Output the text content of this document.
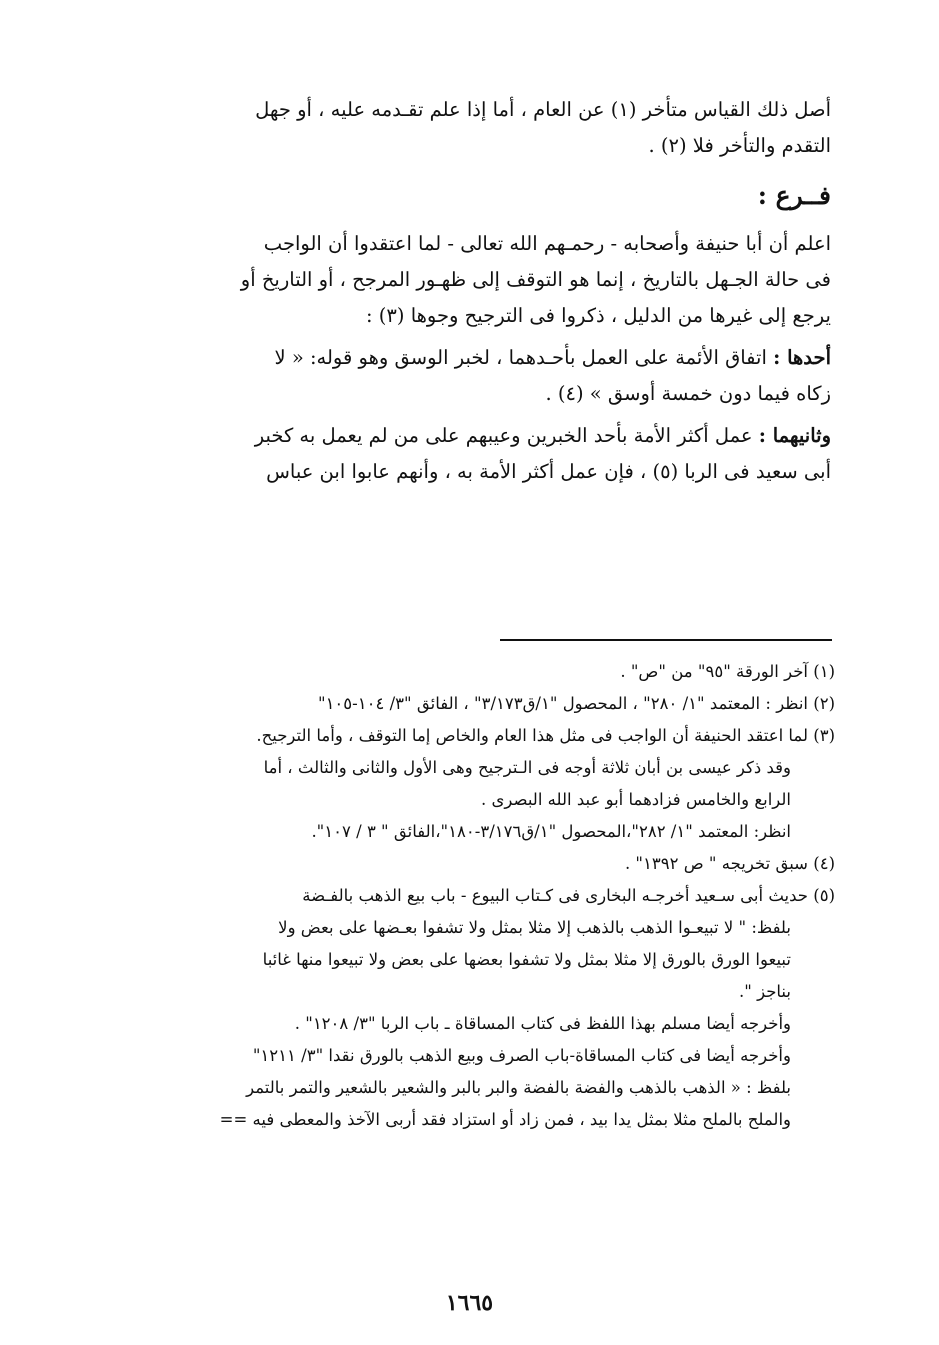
أصل ذلك القياس متأخر (١) عن العام ، أما إذا علم تقـدمه عليه ، أو جهل
التقدم والتأخر فلا (٢) .

فــرع :

اعلم أن أبا حنيفة وأصحابه - رحمـهم الله تعالى - لما اعتقدوا أن الواجب
فى حالة الجـهل بالتاريخ ، إنما هو التوقف إلى ظهـور المرجح ، أو التاريخ أو
يرجع إلى غيرها من الدليل ، ذكروا فى الترجيح وجوها (٣) :

أحدها : اتفاق الأئمة على العمل بأحـدهما ، لخبر الوسق وهو قوله: « لا
زكاه فيما دون خمسة أوسق » (٤) .

وثانيهما : عمل أكثر الأمة بأحد الخبرين وعيبهم على من لم يعمل به كخبر
أبى سعيد فى الربا (٥) ، فإن عمل أكثر الأمة به ، وأنهم عابوا ابن عباس

(١) آخر الورقة "٩٥" من "ص" .

(٢) انظر : المعتمد "١/ ٢٨٠" ، المحصول "١/ق٣/١٧٣" ، الفائق "٣/ ١٠٤-١٠٥"

(٣) لما اعتقد الحنيفة أن الواجب فى مثل هذا العام والخاص إما التوقف ، وأما الترجيح.

وقد ذكر عيسى بن أبان ثلاثة أوجه فى الـترجيح وهى الأول والثانى والثالث ، أما

الرابع والخامس فزادهما أبو عبد الله البصرى .

انظر: المعتمد "١/ ٢٨٢"،المحصول "١/ق٣/١٧٦-١٨٠"،الفائق " ٣ / ١٠٧".

(٤) سبق تخريجه " ص ١٣٩٢" .

(٥) حديث أبى سـعيد أخرجـه البخارى فى كـتاب البيوع - باب بيع الذهب بالفـضة

بلفظ: " لا تبيعـوا الذهب بالذهب إلا مثلا بمثل ولا تشفوا بعـضها على بعض ولا

تبيعوا الورق بالورق إلا مثلا بمثل ولا تشفوا بعضها على بعض ولا تبيعوا منها غائبا

بناجز ".

وأخرجه أيضا مسلم بهذا اللفظ فى كتاب المساقاة ـ باب الربا "٣/ ١٢٠٨" .

وأخرجه أيضا فى كتاب المساقاة-باب الصرف وبيع الذهب بالورق نقدا "٣/ ١٢١١"

بلفظ : « الذهب بالذهب والفضة بالفضة والبر بالبر والشعير بالشعير والتمر بالتمر

والملح بالملح مثلا بمثل يدا بيد ، فمن زاد أو استزاد فقد أربى الآخذ والمعطى فيه ==

١٦٦٥
